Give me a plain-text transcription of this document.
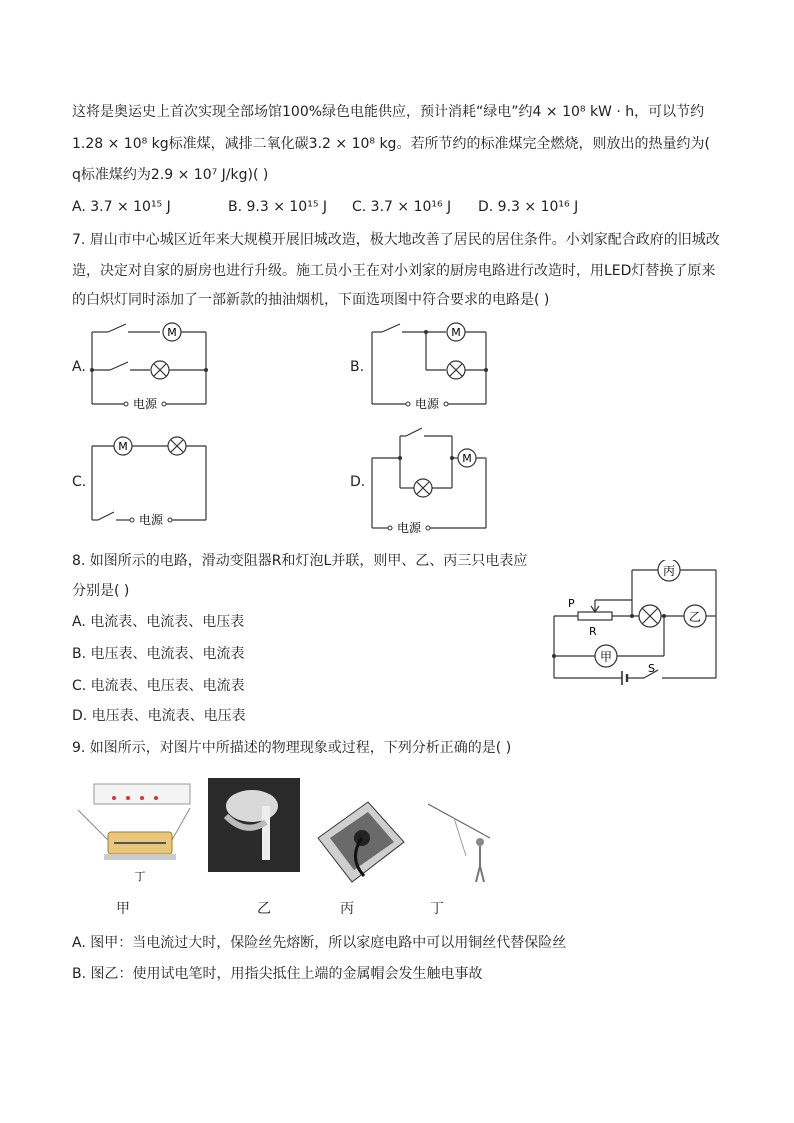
这将是奥运史上首次实现全部场馆100%绿色电能供应，预计消耗“绿电”约4 × 10⁸ kW · h，可以节约
1.28 × 10⁸ kg标准煤，减排二氧化碳3.2 × 10⁸ kg。若所节约的标准煤完全燃烧，则放出的热量约为(
q标准煤约为2.9 × 10⁷ J/kg)( )
A. 3.7 × 10¹⁵ J	B. 9.3 × 10¹⁵ J C. 3.7 × 10¹⁶ J D. 9.3 × 10¹⁶ J
7. 眉山市中心城区近年来大规模开展旧城改造，极大地改善了居民的居住条件。小刘家配合政府的旧城改
造，决定对自家的厨房也进行升级。施工员小王在对小刘家的厨房电路进行改造时，用LED灯替换了原来
的白炽灯同时添加了一部新款的抽油烟机，下面选项图中符合要求的电路是( )
A.
M
电源
B.
M
电源
C.
M
电源
D.
M
电源
8. 如图所示的电路，滑动变阻器R和灯泡L并联，则甲、乙、丙三只电表应
分别是( )
A. 电流表、电流表、电压表
B. 电压表、电流表、电流表
C. 电流表、电压表、电流表
D. 电压表、电流表、电压表
丙
乙
甲
P
R
S
9. 如图所示，对图片中所描述的物理现象或过程，下列分析正确的是( )
丁
甲	乙	丙	丁
A. 图甲：当电流过大时，保险丝先熔断，所以家庭电路中可以用铜丝代替保险丝
B. 图乙：使用试电笔时，用指尖抵住上端的金属帽会发生触电事故
